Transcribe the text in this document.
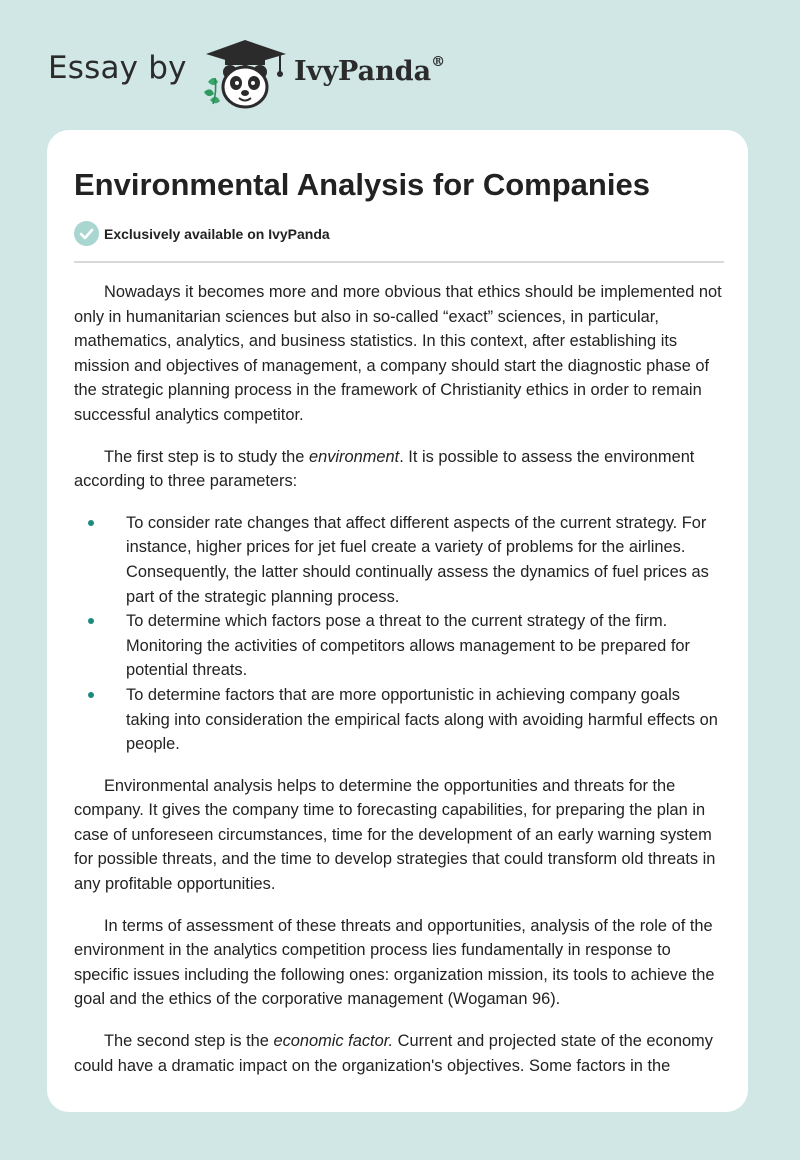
Essay by	IvyPanda®
Environmental Analysis for Companies
Exclusively available on IvyPanda

Nowadays it becomes more and more obvious that ethics should be implemented not only in humanitarian sciences but also in so-called “exact” sciences, in particular, mathematics, analytics, and business statistics. In this context, after establishing its mission and objectives of management, a company should start the diagnostic phase of the strategic planning process in the framework of Christianity ethics in order to remain successful analytics competitor.

The first step is to study the environment. It is possible to assess the environment according to three parameters:

To consider rate changes that affect different aspects of the current strategy. For instance, higher prices for jet fuel create a variety of problems for the airlines. Consequently, the latter should continually assess the dynamics of fuel prices as part of the strategic planning process.
To determine which factors pose a threat to the current strategy of the firm. Monitoring the activities of competitors allows management to be prepared for potential threats.
To determine factors that are more opportunistic in achieving company goals taking into consideration the empirical facts along with avoiding harmful effects on people.

Environmental analysis helps to determine the opportunities and threats for the company. It gives the company time to forecasting capabilities, for preparing the plan in case of unforeseen circumstances, time for the development of an early warning system for possible threats, and the time to develop strategies that could transform old threats in any profitable opportunities.

In terms of assessment of these threats and opportunities, analysis of the role of the environment in the analytics competition process lies fundamentally in response to specific issues including the following ones: organization mission, its tools to achieve the goal and the ethics of the corporative management (Wogaman 96).

The second step is the economic factor. Current and projected state of the economy could have a dramatic impact on the organization's objectives. Some factors in the
